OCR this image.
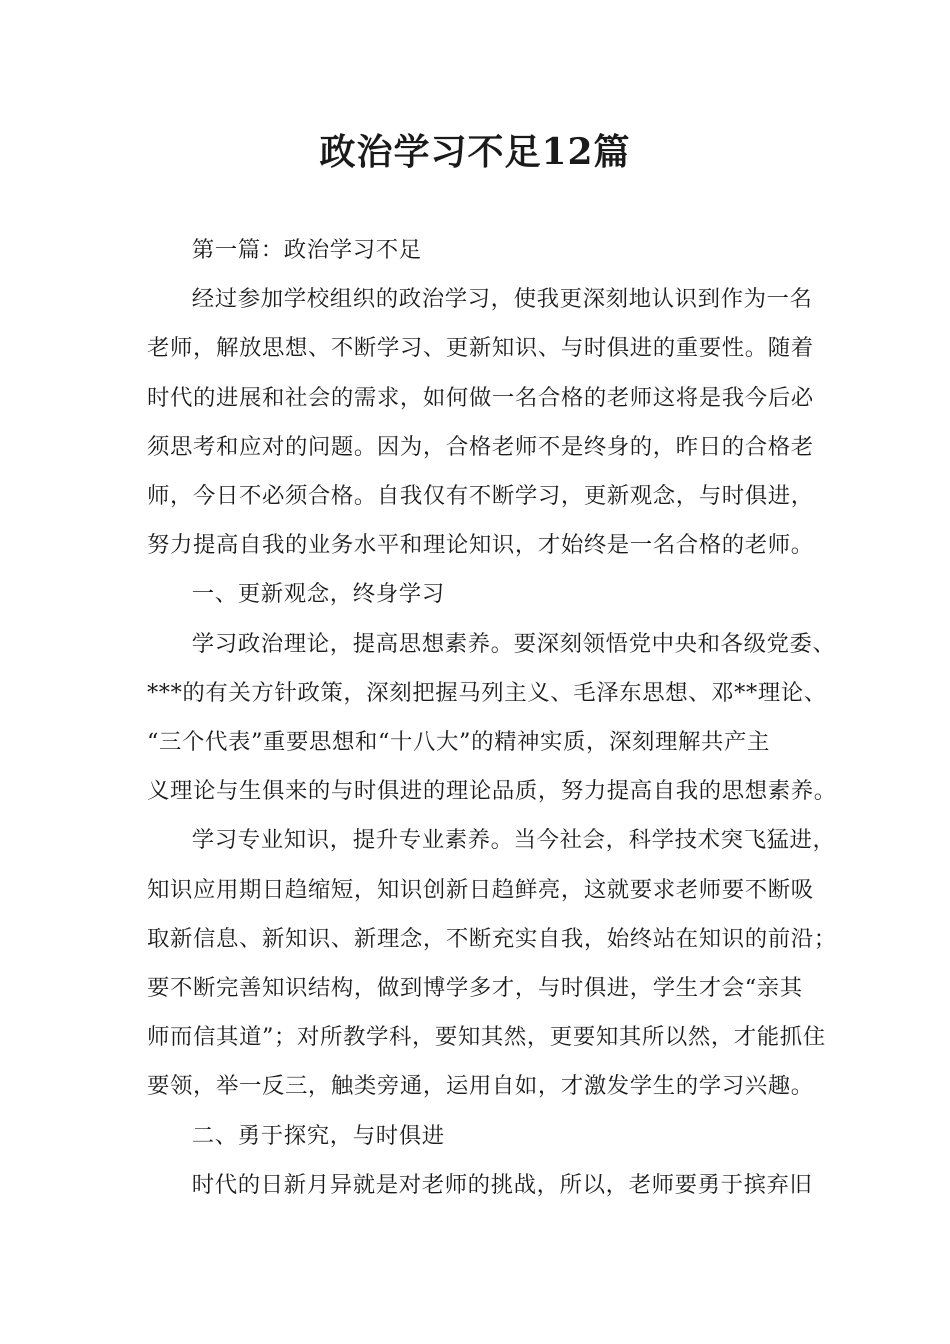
政治学习不足12篇
第一篇：政治学习不足
经过参加学校组织的政治学习，使我更深刻地认识到作为一名
老师，解放思想、不断学习、更新知识、与时俱进的重要性。随着
时代的进展和社会的需求，如何做一名合格的老师这将是我今后必
须思考和应对的问题。因为，合格老师不是终身的，昨日的合格老
师，今日不必须合格。自我仅有不断学习，更新观念，与时俱进，
努力提高自我的业务水平和理论知识，才始终是一名合格的老师。
一、更新观念，终身学习
学习政治理论，提高思想素养。要深刻领悟党中央和各级党委、
***的有关方针政策，深刻把握马列主义、毛泽东思想、邓**理论、
“三个代表”重要思想和“十八大”的精神实质，深刻理解共产主
义理论与生俱来的与时俱进的理论品质，努力提高自我的思想素养。
学习专业知识，提升专业素养。当今社会，科学技术突飞猛进，
知识应用期日趋缩短，知识创新日趋鲜亮，这就要求老师要不断吸
取新信息、新知识、新理念，不断充实自我，始终站在知识的前沿；
要不断完善知识结构，做到博学多才，与时俱进，学生才会“亲其
师而信其道”；对所教学科，要知其然，更要知其所以然，才能抓住
要领，举一反三，触类旁通，运用自如，才激发学生的学习兴趣。
二、勇于探究，与时俱进
时代的日新月异就是对老师的挑战，所以，老师要勇于摈弃旧
